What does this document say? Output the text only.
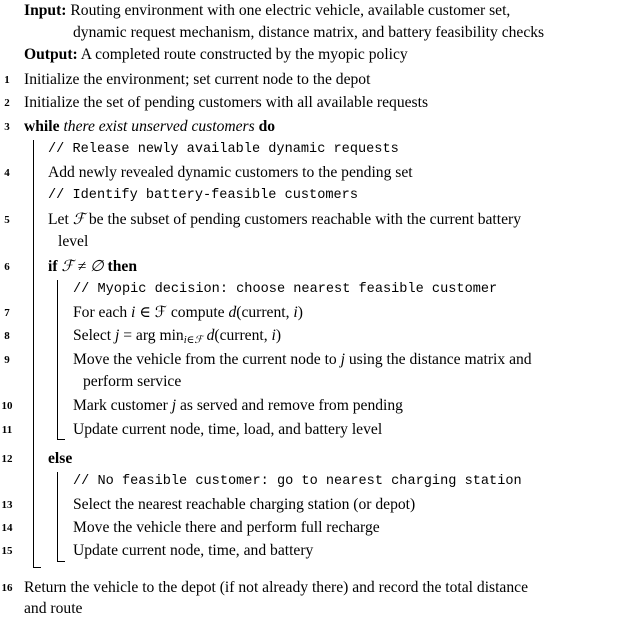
Input: Routing environment with one electric vehicle, available customer set,
dynamic request mechanism, distance matrix, and battery feasibility checks
Output: A completed route constructed by the myopic policy
1 Initialize the environment; set current node to the depot
2 Initialize the set of pending customers with all available requests
3 while there exist unserved customers do
// Release newly available dynamic requests
4 Add newly revealed dynamic customers to the pending set
// Identify battery-feasible customers
5 Let ℱ be the subset of pending customers reachable with the current battery
level
6 if ℱ ≠ ∅ then
// Myopic decision: choose nearest feasible customer
7	For each i ∈ ℱ compute d(current, i)
8	Select j = arg mini∈ℱ d(current, i)
9	Move the vehicle from the current node to j using the distance matrix and
perform service
10	Mark customer j as served and remove from pending
11	Update current node, time, load, and battery level
12 else
// No feasible customer: go to nearest charging station
13	Select the nearest reachable charging station (or depot)
14	Move the vehicle there and perform full recharge
15	Update current node, time, and battery
16 Return the vehicle to the depot (if not already there) and record the total distance
and route
